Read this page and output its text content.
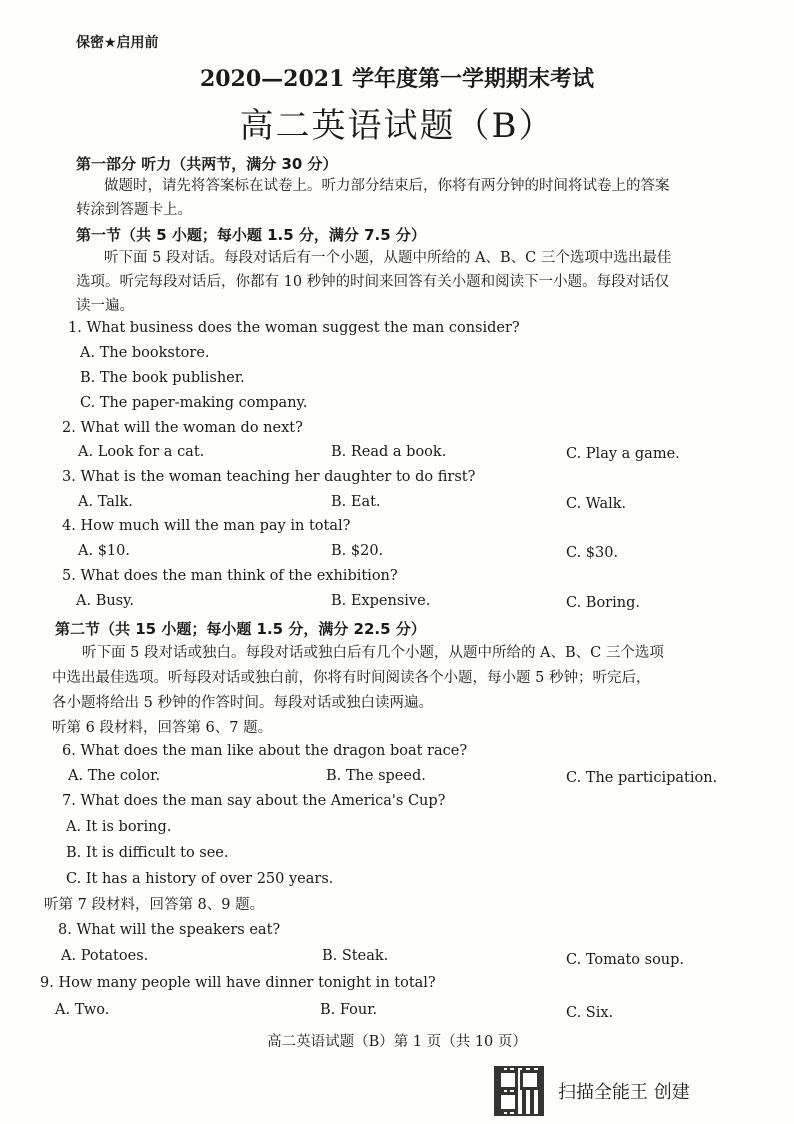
保密★启用前
2020—2021 学年度第一学期期末考试
高二英语试题（B）
第一部分 听力（共两节，满分 30 分）
做题时，请先将答案标在试卷上。听力部分结束后，你将有两分钟的时间将试卷上的答案
转涂到答题卡上。
第一节（共 5 小题；每小题 1.5 分，满分 7.5 分）
听下面 5 段对话。每段对话后有一个小题，从题中所给的 A、B、C 三个选项中选出最佳
选项。听完每段对话后，你都有 10 秒钟的时间来回答有关小题和阅读下一小题。每段对话仅
读一遍。
1. What business does the woman suggest the man consider?
A. The bookstore.
B. The book publisher.
C. The paper-making company.
2. What will the woman do next?
A. Look for a cat.	B. Read a book.	C. Play a game.
3. What is the woman teaching her daughter to do first?
A. Talk.	B. Eat.	C. Walk.
4. How much will the man pay in total?
A. $10.	B. $20.	C. $30.
5. What does the man think of the exhibition?
A. Busy.	B. Expensive.	C. Boring.
第二节（共 15 小题；每小题 1.5 分，满分 22.5 分）
听下面 5 段对话或独白。每段对话或独白后有几个小题，从题中所给的 A、B、C 三个选项
中选出最佳选项。听每段对话或独白前，你将有时间阅读各个小题，每小题 5 秒钟；听完后，
各小题将给出 5 秒钟的作答时间。每段对话或独白读两遍。
听第 6 段材料，回答第 6、7 题。
6. What does the man like about the dragon boat race?
A. The color.	B. The speed.	C. The participation.
7. What does the man say about the America's Cup?
A. It is boring.
B. It is difficult to see.
C. It has a history of over 250 years.
听第 7 段材料，回答第 8、9 题。
8. What will the speakers eat?
A. Potatoes.	B. Steak.	C. Tomato soup.
9. How many people will have dinner tonight in total?
A. Two.	B. Four.	C. Six.
高二英语试题（B）第 1 页（共 10 页）
扫描全能王 创建
